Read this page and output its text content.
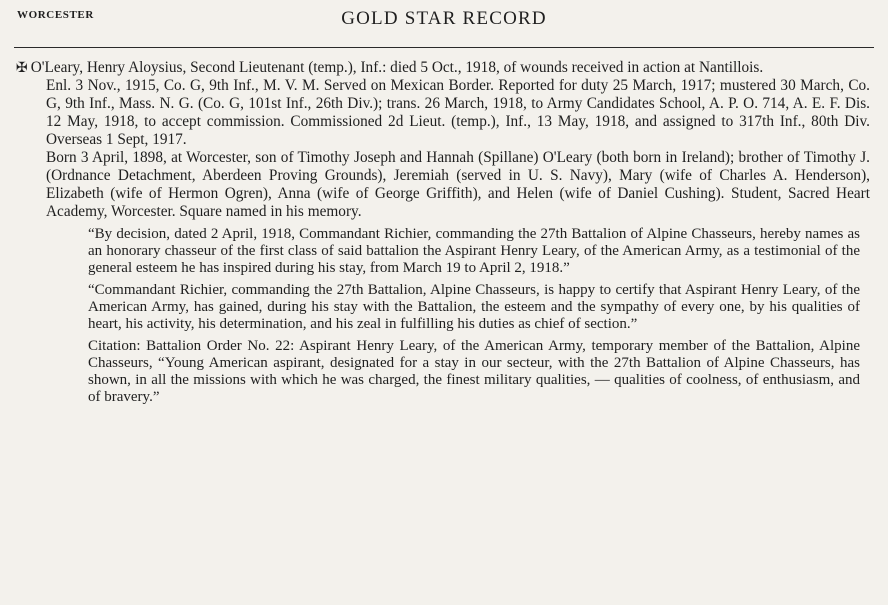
WORCESTER	GOLD STAR RECORD

✠ O'Leary, Henry Aloysius, Second Lieutenant (temp.), Inf.: died 5 Oct., 1918, of wounds received in action at Nantillois.

Enl. 3 Nov., 1915, Co. G, 9th Inf., M. V. M. Served on Mexican Border. Reported for duty 25 March, 1917; mustered 30 March, Co. G, 9th Inf., Mass. N. G. (Co. G, 101st Inf., 26th Div.); trans. 26 March, 1918, to Army Candidates School, A. P. O. 714, A. E. F. Dis. 12 May, 1918, to accept commission. Commissioned 2d Lieut. (temp.), Inf., 13 May, 1918, and assigned to 317th Inf., 80th Div. Overseas 1 Sept, 1917.

Born 3 April, 1898, at Worcester, son of Timothy Joseph and Hannah (Spillane) O'Leary (both born in Ireland); brother of Timothy J. (Ordnance Detachment, Aberdeen Proving Grounds), Jeremiah (served in U. S. Navy), Mary (wife of Charles A. Henderson), Elizabeth (wife of Hermon Ogren), Anna (wife of George Griffith), and Helen (wife of Daniel Cushing). Student, Sacred Heart Academy, Worcester. Square named in his memory.

“By decision, dated 2 April, 1918, Commandant Richier, commanding the 27th Battalion of Alpine Chasseurs, hereby names as an honorary chasseur of the first class of said battalion the Aspirant Henry Leary, of the American Army, as a testimonial of the general esteem he has inspired during his stay, from March 19 to April 2, 1918.”

“Commandant Richier, commanding the 27th Battalion, Alpine Chasseurs, is happy to certify that Aspirant Henry Leary, of the American Army, has gained, during his stay with the Battalion, the esteem and the sympathy of every one, by his qualities of heart, his activity, his determination, and his zeal in fulfilling his duties as chief of section.”

Citation: Battalion Order No. 22: Aspirant Henry Leary, of the American Army, temporary member of the Battalion, Alpine Chasseurs, “Young American aspirant, designated for a stay in our secteur, with the 27th Battalion of Alpine Chasseurs, has shown, in all the missions with which he was charged, the finest military qualities, — qualities of coolness, of enthusiasm, and of bravery.”
